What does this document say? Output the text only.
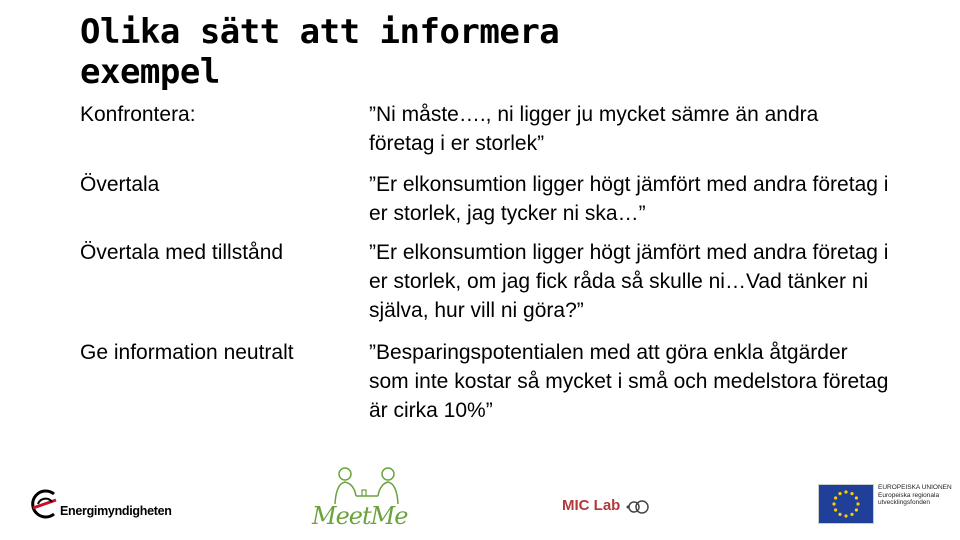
Olika sätt att informera exempel
Konfrontera:	”Ni måste…., ni ligger ju mycket sämre än andra företag i er storlek”
Övertala	”Er elkonsumtion ligger högt jämfört med andra företag i er storlek, jag tycker ni ska…”
Övertala med tillstånd	”Er elkonsumtion ligger högt jämfört med andra företag i er storlek, om jag fick råda så skulle ni…Vad tänker ni själva, hur vill ni göra?”
Ge information neutralt	”Besparingspotentialen med att göra enkla åtgärder som inte kostar så mycket i små och medelstora företag är cirka 10%”
Energimyndigheten	MeetMe	MIC Lab
EUROPEISKA UNIONEN Europeiska regionala utvecklingsfonden
